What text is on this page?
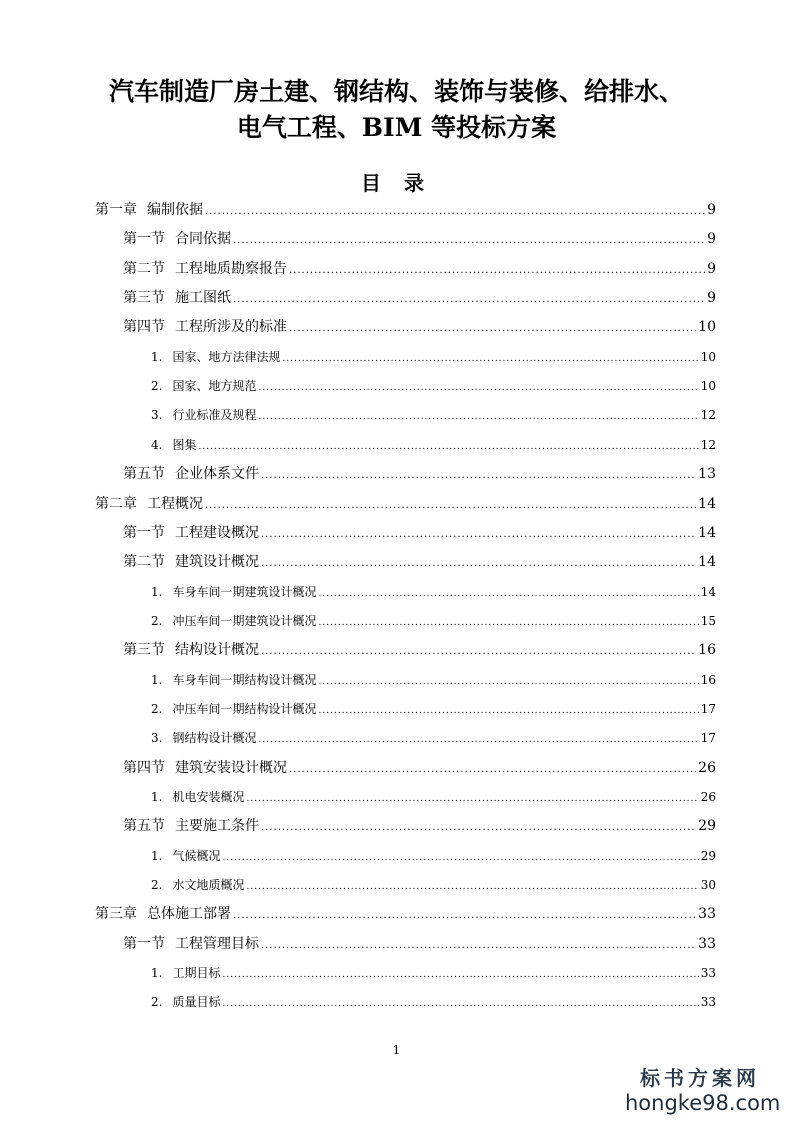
汽车制造厂房土建、钢结构、装饰与装修、给排水、
电气工程、BIM 等投标方案
目 录
第一章 编制依据 .....	9
第一节 合同依据 .....	9
第二节 工程地质勘察报告 .....	9
第三节 施工图纸 .....	9
第四节 工程所涉及的标准 .....	10
1. 国家、地方法律法规 .....	10
2. 国家、地方规范 .....	10
3. 行业标准及规程 .....	12
4. 图集 .....	12
第五节 企业体系文件 .....	13
第二章 工程概况 .....	14
第一节 工程建设概况 .....	14
第二节 建筑设计概况 .....	14
1. 车身车间一期建筑设计概况 .....	14
2. 冲压车间一期建筑设计概况 .....	15
第三节 结构设计概况 .....	16
1. 车身车间一期结构设计概况 .....	16
2. 冲压车间一期结构设计概况 .....	17
3. 钢结构设计概况 .....	17
第四节 建筑安装设计概况 .....	26
1. 机电安装概况 .....	26
第五节 主要施工条件 .....	29
1. 气候概况 .....	29
2. 水文地质概况 .....	30
第三章 总体施工部署 .....	33
第一节 工程管理目标 .....	33
1. 工期目标 .....	33
2. 质量目标 .....	33
1
标书方案网
hongke98.com
